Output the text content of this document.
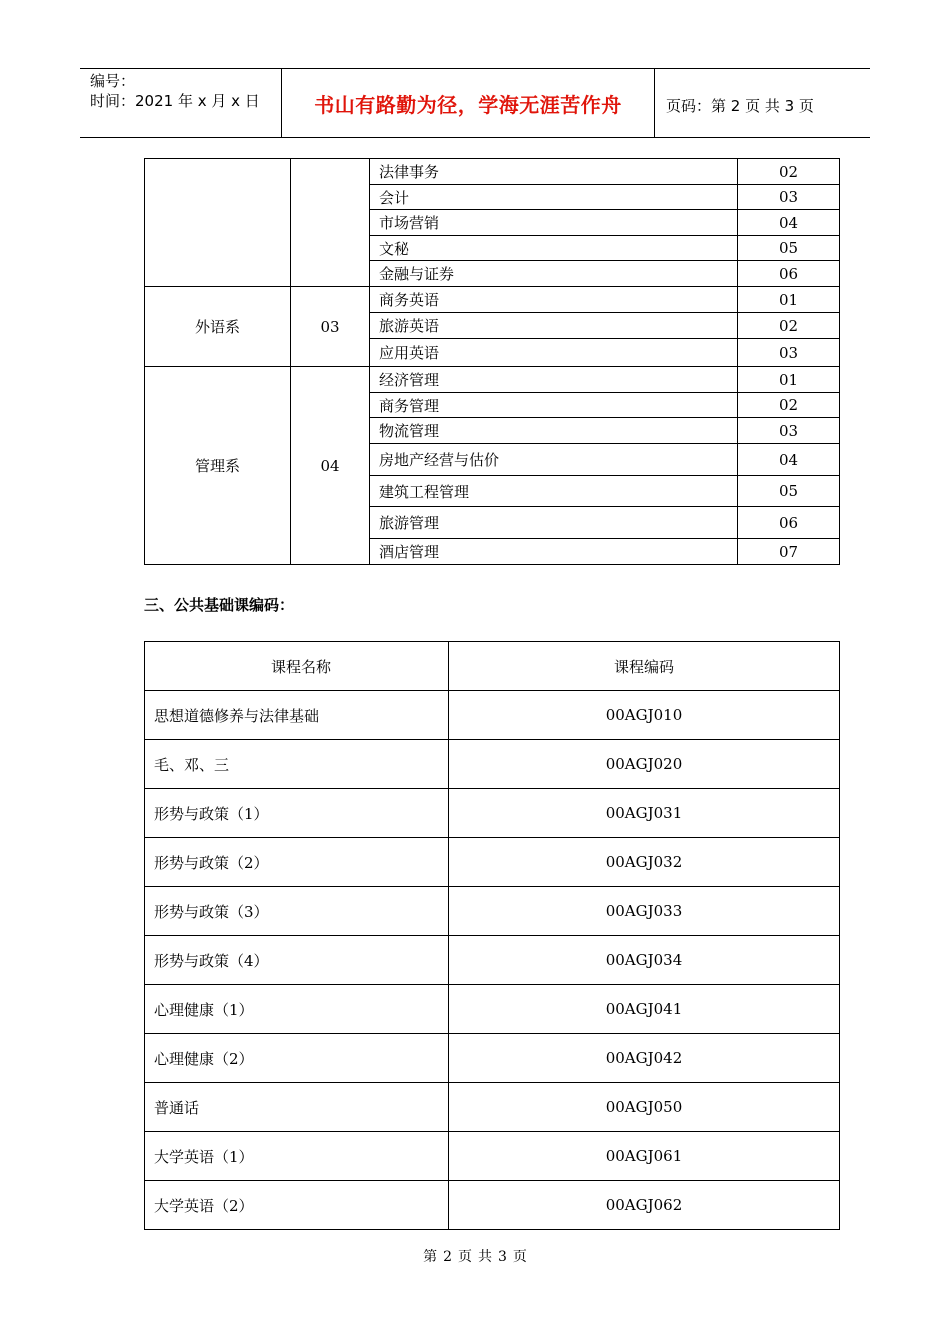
编号：
时间：2021 年 x 月 x 日	书山有路勤为径，学海无涯苦作舟	页码：第 2 页 共 3 页
		法律事务	02
		会计	03
		市场营销	04
		文秘	05
		金融与证券	06
外语系	03	商务英语	01
		旅游英语	02
		应用英语	03
管理系	04	经济管理	01
		商务管理	02
		物流管理	03
		房地产经营与估价	04
		建筑工程管理	05
		旅游管理	06
		酒店管理	07
三、公共基础课编码：
课程名称	课程编码
思想道德修养与法律基础	00AGJ010
毛、邓、三	00AGJ020
形势与政策（1）	00AGJ031
形势与政策（2）	00AGJ032
形势与政策（3）	00AGJ033
形势与政策（4）	00AGJ034
心理健康（1）	00AGJ041
心理健康（2）	00AGJ042
普通话	00AGJ050
大学英语（1）	00AGJ061
大学英语（2）	00AGJ062
第 2 页 共 3 页
